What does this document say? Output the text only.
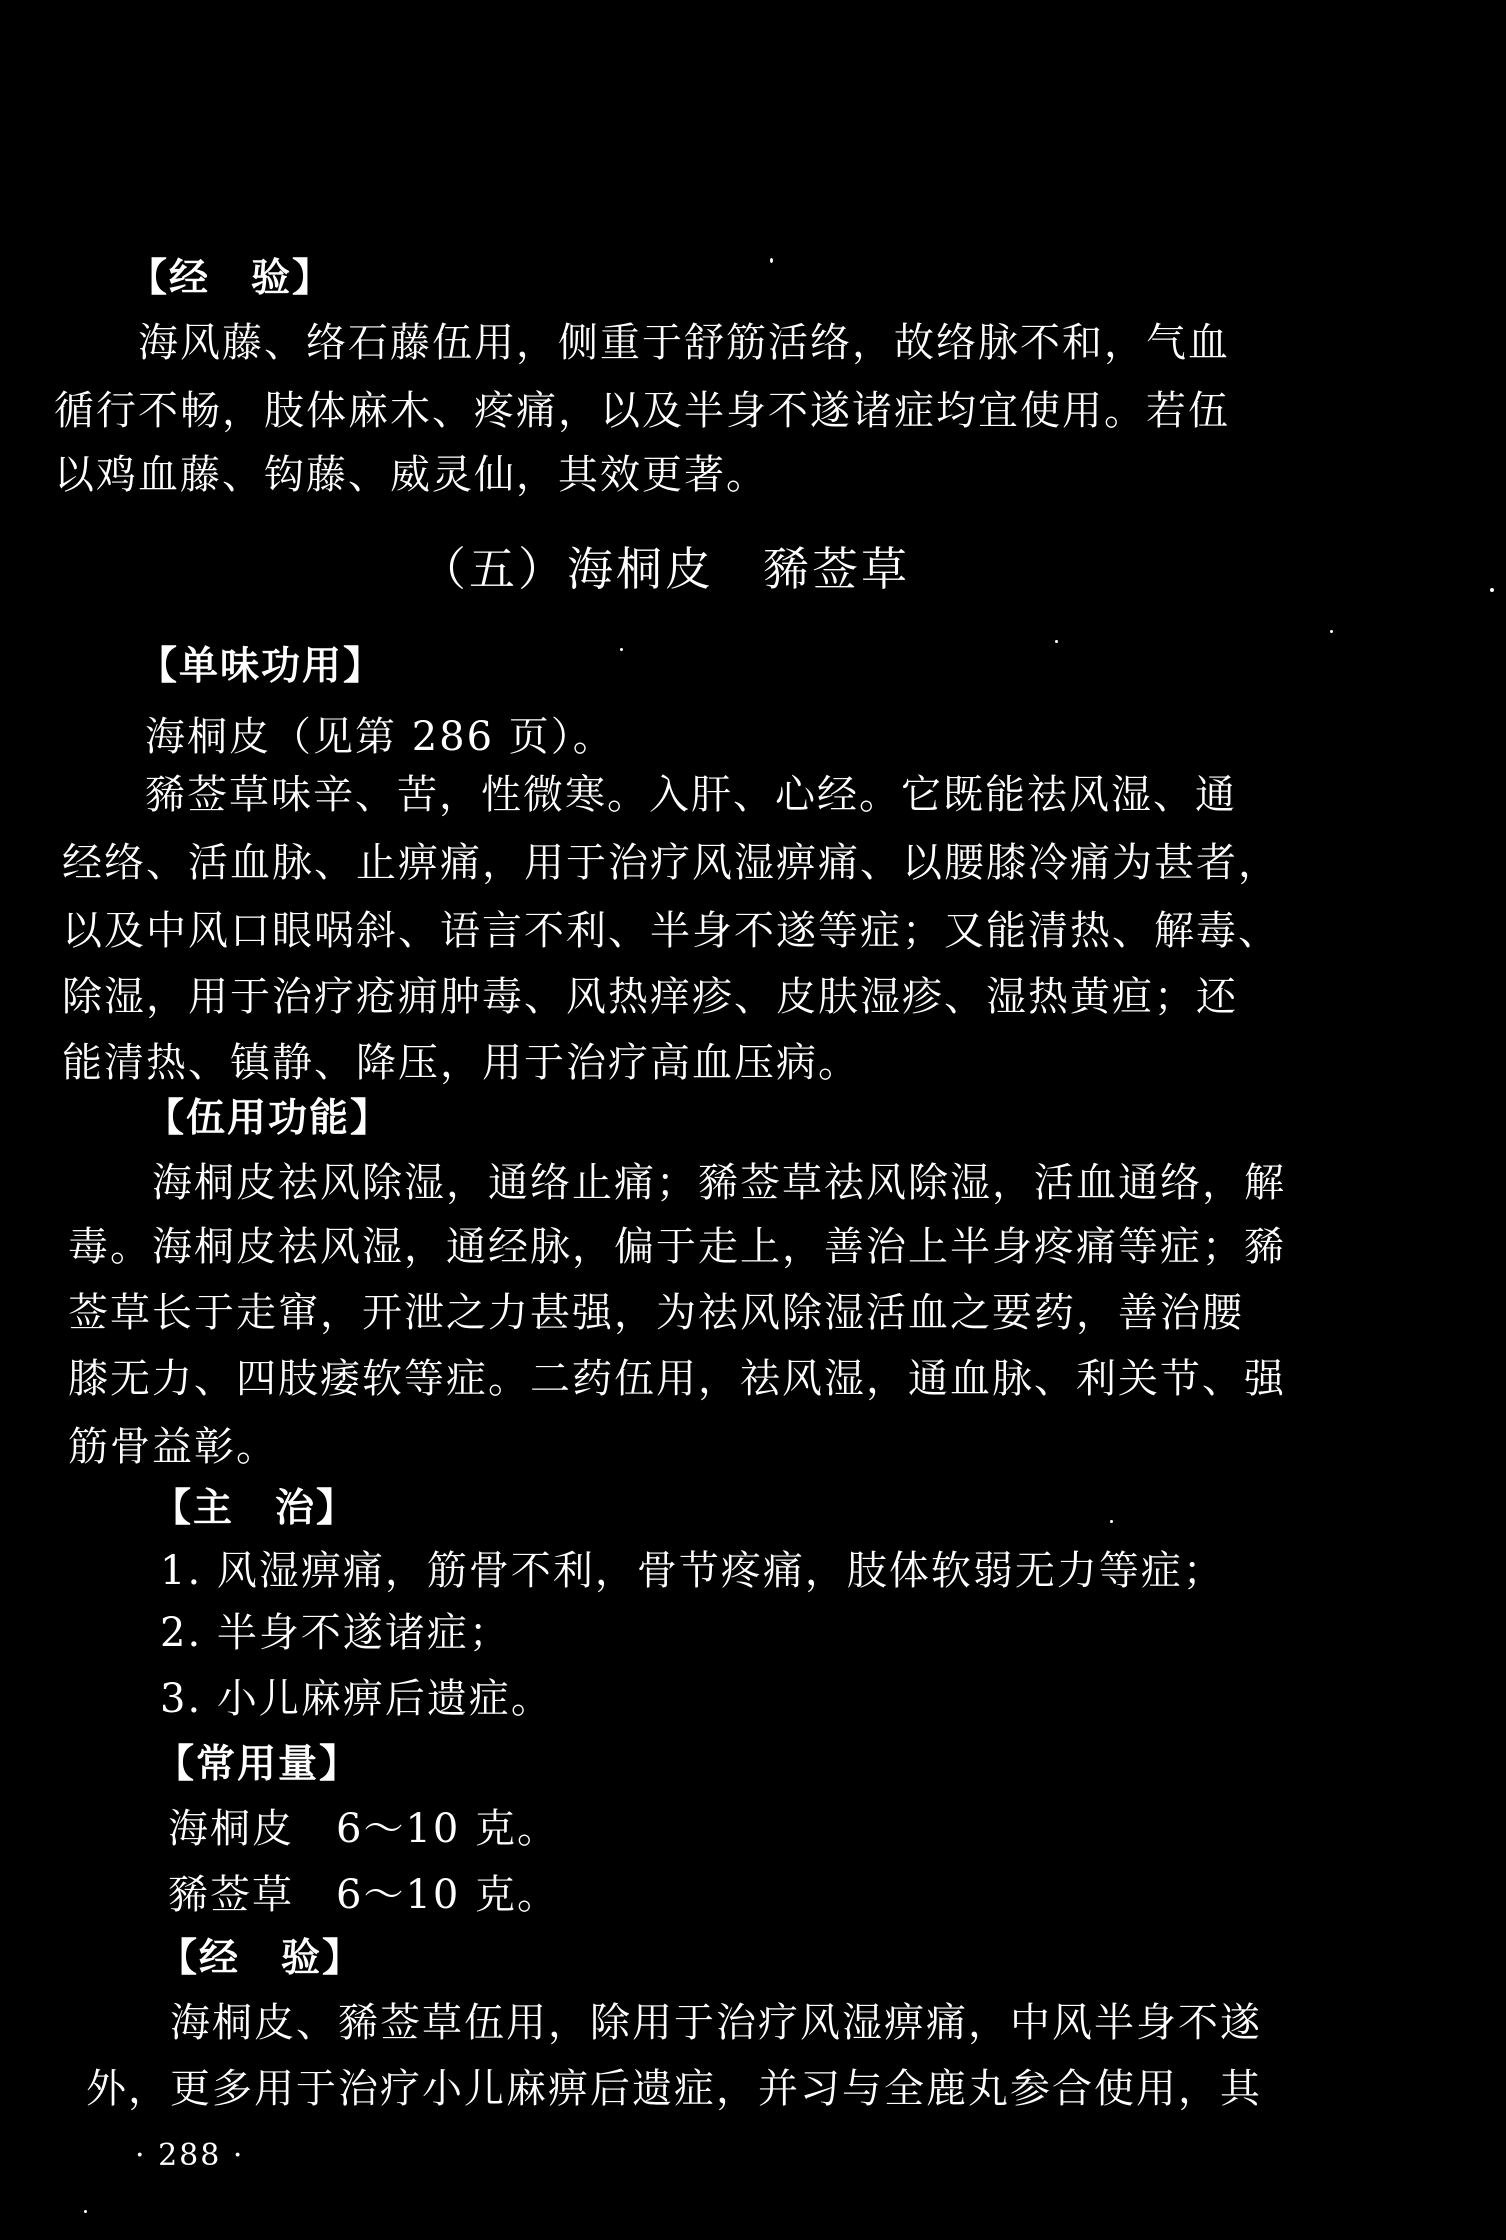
【经　验】
海风藤、络石藤伍用，侧重于舒筋活络，故络脉不和，气血
循行不畅，肢体麻木、疼痛，以及半身不遂诸症均宜使用。若伍
以鸡血藤、钩藤、威灵仙，其效更著。
（五）海桐皮　豨莶草
【单味功用】
海桐皮（见第 286 页）。
豨莶草味辛、苦，性微寒。入肝、心经。它既能祛风湿、通
经络、活血脉、止痹痛，用于治疗风湿痹痛、以腰膝冷痛为甚者，
以及中风口眼㖞斜、语言不利、半身不遂等症；又能清热、解毒、
除湿，用于治疗疮痈肿毒、风热痒疹、皮肤湿疹、湿热黄疸；还
能清热、镇静、降压，用于治疗高血压病。
【伍用功能】
海桐皮祛风除湿，通络止痛；豨莶草祛风除湿，活血通络，解
毒。海桐皮祛风湿，通经脉，偏于走上，善治上半身疼痛等症；豨
莶草长于走窜，开泄之力甚强，为祛风除湿活血之要药，善治腰
膝无力、四肢痿软等症。二药伍用，祛风湿，通血脉、利关节、强
筋骨益彰。
【主　治】
1. 风湿痹痛，筋骨不利，骨节疼痛，肢体软弱无力等症；
2. 半身不遂诸症；
3. 小儿麻痹后遗症。
【常用量】
海桐皮　6～10 克。
豨莶草　6～10 克。
【经　验】
海桐皮、豨莶草伍用，除用于治疗风湿痹痛，中风半身不遂
外，更多用于治疗小儿麻痹后遗症，并习与全鹿丸参合使用，其
· 288 ·
